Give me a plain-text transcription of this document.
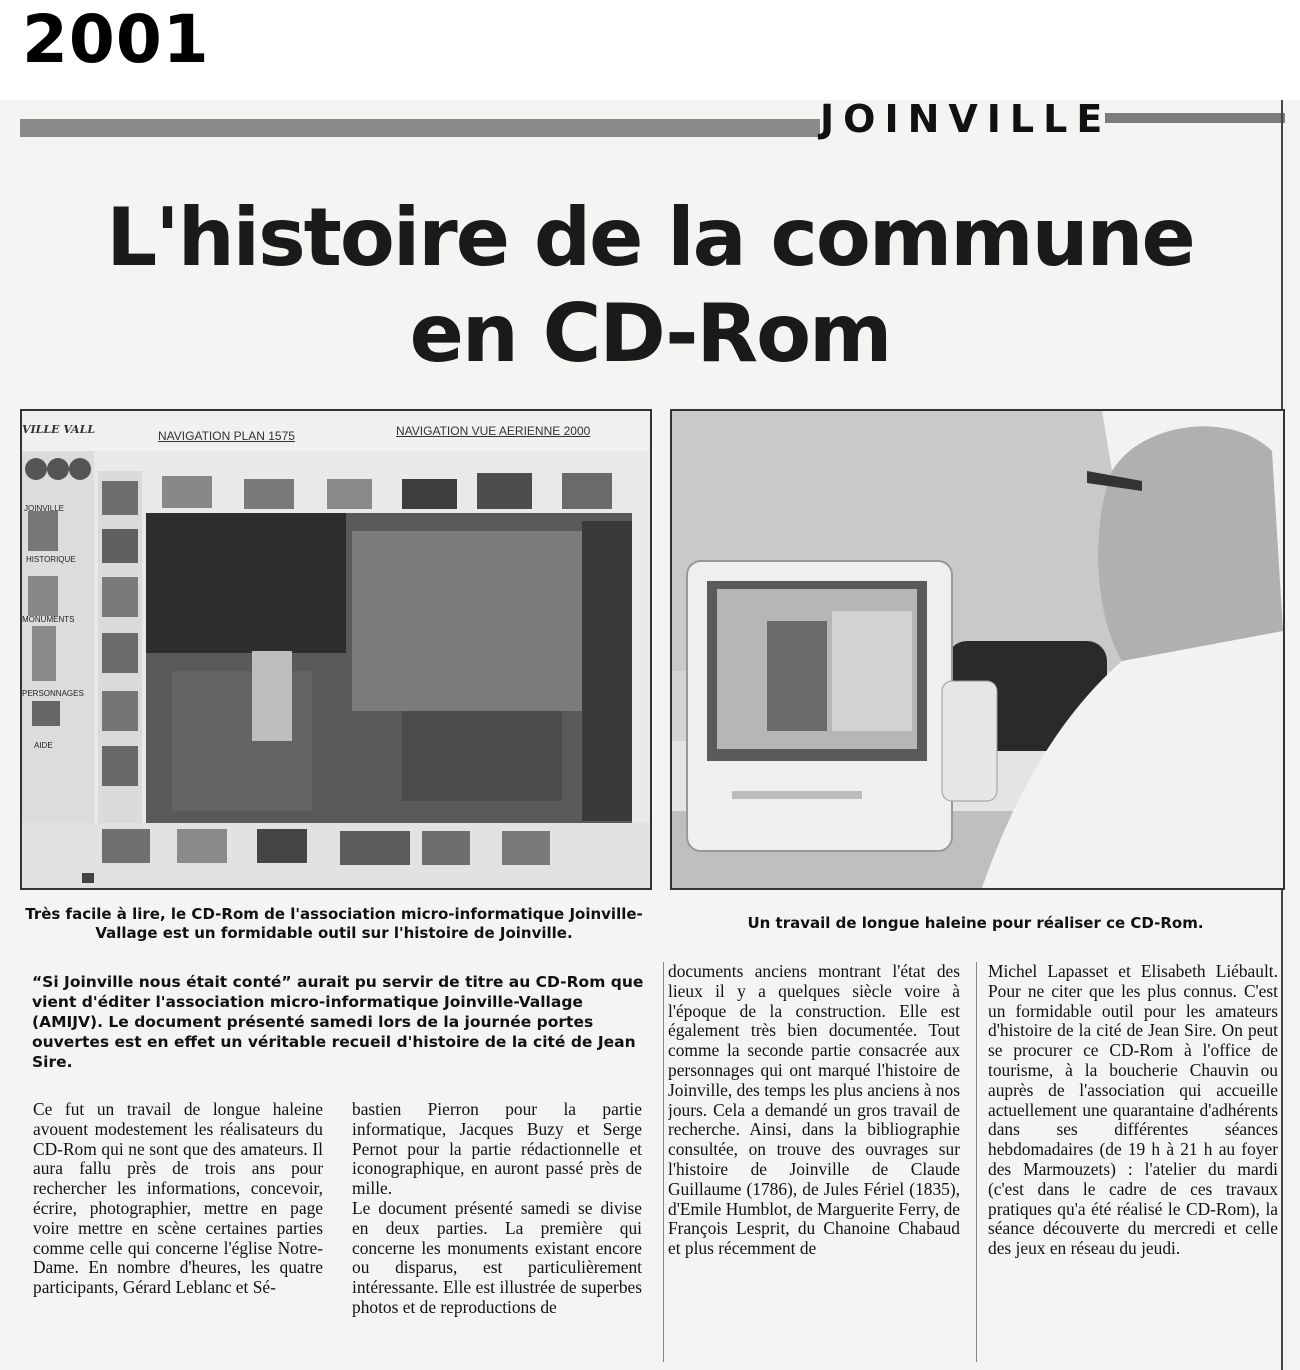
2001
JOINVILLE
L'histoire de la commune
en CD-Rom
VILLE VALL	NAVIGATION PLAN 1575	NAVIGATION VUE AERIENNE 2000
JOINVILLE
HISTORIQUE
MONUMENTS
PERSONNAGES
AIDE
Très facile à lire, le CD-Rom de l'association micro-informatique Joinville-Vallage est un formidable outil sur l'histoire de Joinville.
Un travail de longue haleine pour réaliser ce CD-Rom.
“Si Joinville nous était conté” aurait pu servir de titre au CD-Rom que vient d'éditer l'association micro-informatique Joinville-Vallage (AMIJV). Le document présenté samedi lors de la journée portes ouvertes est en effet un véritable recueil d'histoire de la cité de Jean Sire.

Ce fut un travail de longue haleine avouent modestement les réalisateurs du CD-Rom qui ne sont que des amateurs. Il aura fallu près de trois ans pour rechercher les informations, concevoir, écrire, photographier, mettre en page voire mettre en scène certaines parties comme celle qui concerne l'église Notre-Dame. En nombre d'heures, les quatre participants, Gérard Leblanc et Sé-

bastien Pierron pour la partie informatique, Jacques Buzy et Serge Pernot pour la partie rédactionnelle et iconographique, en auront passé près de mille.

Le document présenté samedi se divise en deux parties. La première qui concerne les monuments existant encore ou disparus, est particulièrement intéressante. Elle est illustrée de superbes photos et de reproductions de

documents anciens montrant l'état des lieux il y a quelques siècle voire à l'époque de la construction. Elle est également très bien documentée. Tout comme la seconde partie consacrée aux personnages qui ont marqué l'histoire de Joinville, des temps les plus anciens à nos jours. Cela a demandé un gros travail de recherche. Ainsi, dans la bibliographie consultée, on trouve des ouvrages sur l'histoire de Joinville de Claude Guillaume (1786), de Jules Fériel (1835), d'Emile Humblot, de Marguerite Ferry, de François Lesprit, du Chanoine Chabaud et plus récemment de

Michel Lapasset et Elisabeth Liébault. Pour ne citer que les plus connus. C'est un formidable outil pour les amateurs d'histoire de la cité de Jean Sire. On peut se procurer ce CD-Rom à l'office de tourisme, à la boucherie Chauvin ou auprès de l'association qui accueille actuellement une quarantaine d'adhérents dans ses différentes séances hebdomadaires (de 19 h à 21 h au foyer des Marmouzets) : l'atelier du mardi (c'est dans le cadre de ces travaux pratiques qu'a été réalisé le CD-Rom), la séance découverte du mercredi et celle des jeux en réseau du jeudi.
